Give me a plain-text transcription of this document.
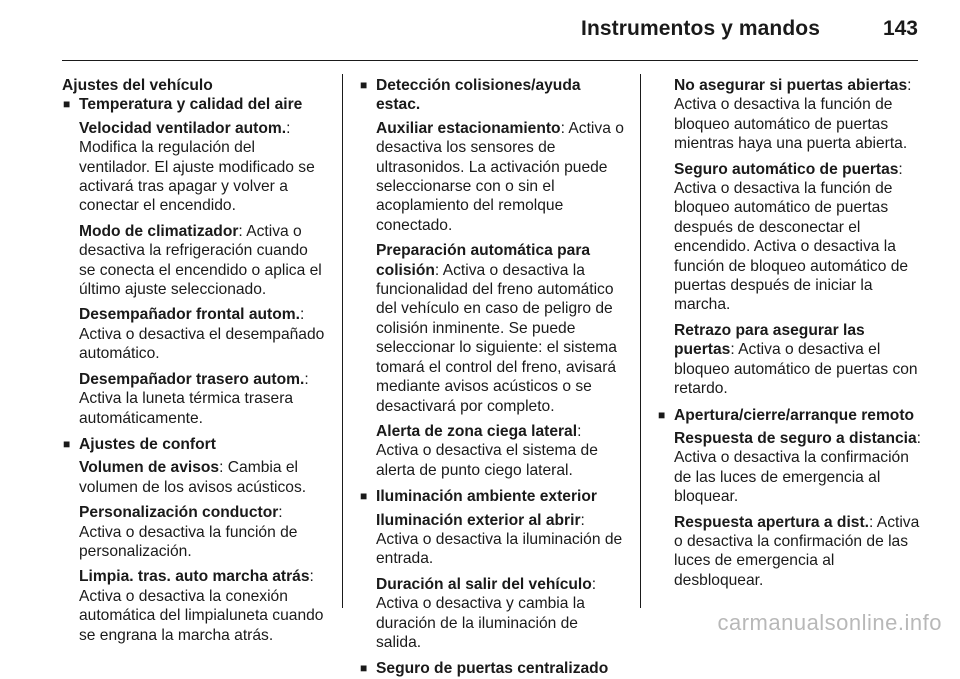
Instrumentos y mandos	143

Ajustes del vehículo

■ Temperatura y calidad del aire

Velocidad ventilador autom.: Modifica la regulación del ventilador. El ajuste modificado se activará tras apagar y volver a conectar el encendido.

Modo de climatizador: Activa o desactiva la refrigeración cuando se conecta el encendido o aplica el último ajuste seleccionado.

Desempañador frontal autom.: Activa o desactiva el desempañado automático.

Desempañador trasero autom.: Activa la luneta térmica trasera automáticamente.

■ Ajustes de confort

Volumen de avisos: Cambia el volumen de los avisos acústicos.

Personalización conductor: Activa o desactiva la función de personalización.

Limpia. tras. auto marcha atrás: Activa o desactiva la conexión automática del limpialuneta cuando se engrana la marcha atrás.

■ Detección colisiones/ayuda estac.

Auxiliar estacionamiento: Activa o desactiva los sensores de ultrasonidos. La activación puede seleccionarse con o sin el acoplamiento del remolque conectado.

Preparación automática para colisión: Activa o desactiva la funcionalidad del freno automático del vehículo en caso de peligro de colisión inminente. Se puede seleccionar lo siguiente: el sistema tomará el control del freno, avisará mediante avisos acústicos o se desactivará por completo.

Alerta de zona ciega lateral: Activa o desactiva el sistema de alerta de punto ciego lateral.

■ Iluminación ambiente exterior

Iluminación exterior al abrir: Activa o desactiva la iluminación de entrada.

Duración al salir del vehículo: Activa o desactiva y cambia la duración de la iluminación de salida.

■ Seguro de puertas centralizado

No asegurar si puertas abiertas: Activa o desactiva la función de bloqueo automático de puertas mientras haya una puerta abierta.

Seguro automático de puertas: Activa o desactiva la función de bloqueo automático de puertas después de desconectar el encendido. Activa o desactiva la función de bloqueo automático de puertas después de iniciar la marcha.

Retrazo para asegurar las puertas: Activa o desactiva el bloqueo automático de puertas con retardo.

■ Apertura/cierre/arranque remoto

Respuesta de seguro a distancia: Activa o desactiva la confirmación de las luces de emergencia al bloquear.

Respuesta apertura a dist.: Activa o desactiva la confirmación de las luces de emergencia al desbloquear.

carmanualsonline.info
